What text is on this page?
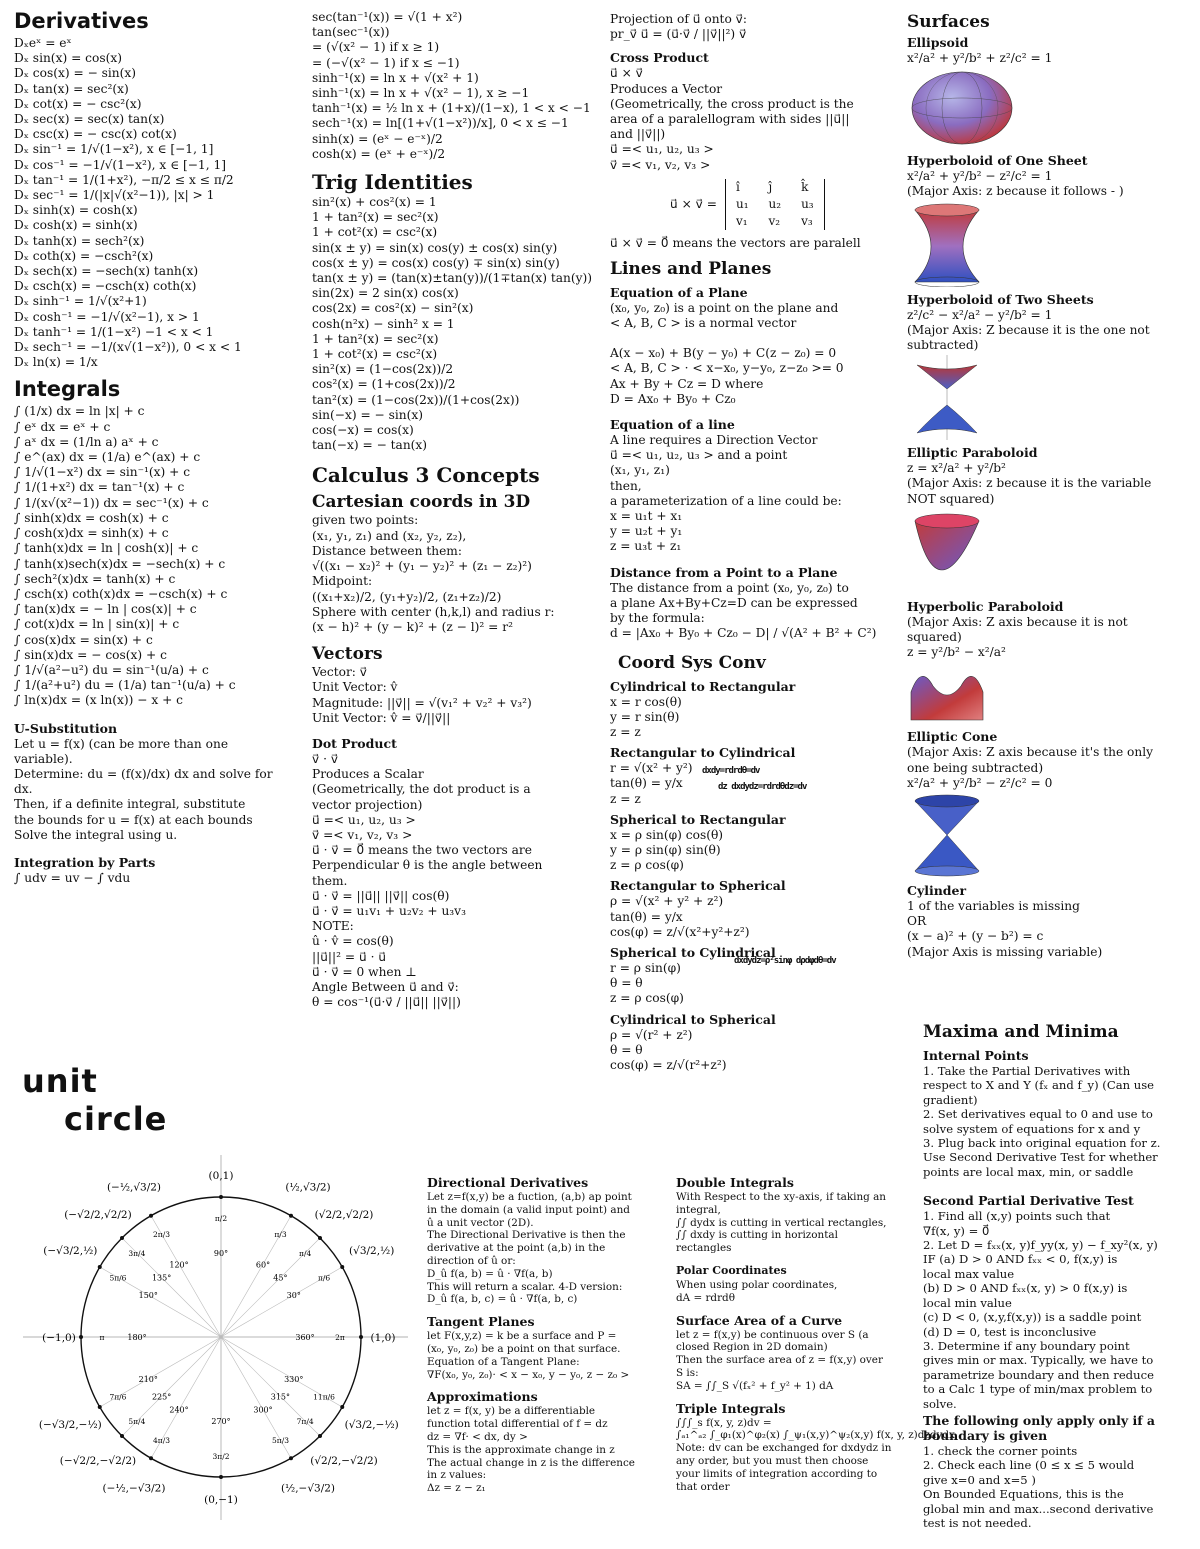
Derivatives
Dₓeˣ = eˣ
Dₓ sin(x) = cos(x)
Dₓ cos(x) = − sin(x)
Dₓ tan(x) = sec²(x)
Dₓ cot(x) = − csc²(x)
Dₓ sec(x) = sec(x) tan(x)
Dₓ csc(x) = − csc(x) cot(x)
Dₓ sin⁻¹ = 1/√(1−x²), x ∈ [−1, 1]
Dₓ cos⁻¹ = −1/√(1−x²), x ∈ [−1, 1]
Dₓ tan⁻¹ = 1/(1+x²), −π/2 ≤ x ≤ π/2
Dₓ sec⁻¹ = 1/(|x|√(x²−1)), |x| > 1
Dₓ sinh(x) = cosh(x)
Dₓ cosh(x) = sinh(x)
Dₓ tanh(x) = sech²(x)
Dₓ coth(x) = −csch²(x)
Dₓ sech(x) = −sech(x) tanh(x)
Dₓ csch(x) = −csch(x) coth(x)
Dₓ sinh⁻¹ = 1/√(x²+1)
Dₓ cosh⁻¹ = −1/√(x²−1), x > 1
Dₓ tanh⁻¹ = 1/(1−x²) −1 < x < 1
Dₓ sech⁻¹ = −1/(x√(1−x²)), 0 < x < 1
Dₓ ln(x) = 1/x
Integrals
∫ (1/x) dx = ln |x| + c
∫ eˣ dx = eˣ + c
∫ aˣ dx = (1/ln a) aˣ + c
∫ e^(ax) dx = (1/a) e^(ax) + c
∫ 1/√(1−x²) dx = sin⁻¹(x) + c
∫ 1/(1+x²) dx = tan⁻¹(x) + c
∫ 1/(x√(x²−1)) dx = sec⁻¹(x) + c
∫ sinh(x)dx = cosh(x) + c
∫ cosh(x)dx = sinh(x) + c
∫ tanh(x)dx = ln | cosh(x)| + c
∫ tanh(x)sech(x)dx = −sech(x) + c
∫ sech²(x)dx = tanh(x) + c
∫ csch(x) coth(x)dx = −csch(x) + c
∫ tan(x)dx = − ln | cos(x)| + c
∫ cot(x)dx = ln | sin(x)| + c
∫ cos(x)dx = sin(x) + c
∫ sin(x)dx = − cos(x) + c
∫ 1/√(a²−u²) du = sin⁻¹(u/a) + c
∫ 1/(a²+u²) du = (1/a) tan⁻¹(u/a) + c
∫ ln(x)dx = (x ln(x)) − x + c
U-Substitution
Let u = f(x) (can be more than one
variable).
Determine: du = (f(x)/dx) dx and solve for
dx.
Then, if a definite integral, substitute
the bounds for u = f(x) at each bounds
Solve the integral using u.
Integration by Parts
∫ udv = uv − ∫ vdu
unit
circle
sec(tan⁻¹(x)) = √(1 + x²)
tan(sec⁻¹(x))
= (√(x² − 1) if x ≥ 1)
= (−√(x² − 1) if x ≤ −1)
sinh⁻¹(x) = ln x + √(x² + 1)
sinh⁻¹(x) = ln x + √(x² − 1), x ≥ −1
tanh⁻¹(x) = ½ ln x + (1+x)/(1−x), 1 < x < −1
sech⁻¹(x) = ln[(1+√(1−x²))/x], 0 < x ≤ −1
sinh(x) = (eˣ − e⁻ˣ)/2
cosh(x) = (eˣ + e⁻ˣ)/2
Trig Identities
sin²(x) + cos²(x) = 1
1 + tan²(x) = sec²(x)
1 + cot²(x) = csc²(x)
sin(x ± y) = sin(x) cos(y) ± cos(x) sin(y)
cos(x ± y) = cos(x) cos(y) ∓ sin(x) sin(y)
tan(x ± y) = (tan(x)±tan(y))/(1∓tan(x) tan(y))
sin(2x) = 2 sin(x) cos(x)
cos(2x) = cos²(x) − sin²(x)
cosh(n²x) − sinh² x = 1
1 + tan²(x) = sec²(x)
1 + cot²(x) = csc²(x)
sin²(x) = (1−cos(2x))/2
cos²(x) = (1+cos(2x))/2
tan²(x) = (1−cos(2x))/(1+cos(2x))
sin(−x) = − sin(x)
cos(−x) = cos(x)
tan(−x) = − tan(x)
Calculus 3 Concepts
Cartesian coords in 3D
given two points:
(x₁, y₁, z₁) and (x₂, y₂, z₂),
Distance between them:
√((x₁ − x₂)² + (y₁ − y₂)² + (z₁ − z₂)²)
Midpoint:
((x₁+x₂)/2, (y₁+y₂)/2, (z₁+z₂)/2)
Sphere with center (h,k,l) and radius r:
(x − h)² + (y − k)² + (z − l)² = r²
Vectors
Vector: v⃗
Unit Vector: v̂
Magnitude: ||v⃗|| = √(v₁² + v₂² + v₃²)
Unit Vector: v̂ = v⃗/||v⃗||
Dot Product
v⃗ · v⃗
Produces a Scalar
(Geometrically, the dot product is a
vector projection)
u⃗ =< u₁, u₂, u₃ >
v⃗ =< v₁, v₂, v₃ >
u⃗ · v⃗ = 0⃗ means the two vectors are
Perpendicular θ is the angle between
them.
u⃗ · v⃗ = ||u⃗|| ||v⃗|| cos(θ)
u⃗ · v⃗ = u₁v₁ + u₂v₂ + u₃v₃
NOTE:
û · v̂ = cos(θ)
||u⃗||² = u⃗ · u⃗
u⃗ · v⃗ = 0 when ⊥
Angle Between u⃗ and v⃗:
θ = cos⁻¹(u⃗·v⃗ / ||u⃗|| ||v⃗||)
Projection of u⃗ onto v⃗:
pr_v⃗ u⃗ = (u⃗·v⃗ / ||v⃗||²) v⃗
Cross Product
u⃗ × v⃗
Produces a Vector
(Geometrically, the cross product is the
area of a paralellogram with sides ||u⃗||
and ||v⃗||)
u⃗ =< u₁, u₂, u₃ >
v⃗ =< v₁, v₂, v₃ >
u⃗ × v⃗ =
î	ĵ	k̂
u₁	u₂	u₃
v₁	v₂	v₃
u⃗ × v⃗ = 0⃗ means the vectors are paralell
Lines and Planes
Equation of a Plane
(x₀, y₀, z₀) is a point on the plane and
< A, B, C > is a normal vector

A(x − x₀) + B(y − y₀) + C(z − z₀) = 0
< A, B, C > · < x−x₀, y−y₀, z−z₀ >= 0
Ax + By + Cz = D where
D = Ax₀ + By₀ + Cz₀
Equation of a line
A line requires a Direction Vector
u⃗ =< u₁, u₂, u₃ > and a point
(x₁, y₁, z₁)
then,
a parameterization of a line could be:
x = u₁t + x₁
y = u₂t + y₁
z = u₃t + z₁
Distance from a Point to a Plane
The distance from a point (x₀, y₀, z₀) to
a plane Ax+By+Cz=D can be expressed
by the formula:
d = |Ax₀ + By₀ + Cz₀ − D| / √(A² + B² + C²)
Coord Sys Conv
Cylindrical to Rectangular
x = r cos(θ)
y = r sin(θ)
z = z
Rectangular to Cylindrical
r = √(x² + y²)
tan(θ) = y/x
z = z
Spherical to Rectangular
x = ρ sin(φ) cos(θ)
y = ρ sin(φ) sin(θ)
z = ρ cos(φ)
Rectangular to Spherical
ρ = √(x² + y² + z²)
tan(θ) = y/x
cos(φ) = z/√(x²+y²+z²)
Spherical to Cylindrical
r = ρ sin(φ)
θ = θ
z = ρ cos(φ)
Cylindrical to Spherical
ρ = √(r² + z²)
θ = θ
cos(φ) = z/√(r²+z²)
dxdy=rdrdθ=dv
dz dxdydz=rdrdθdz=dv
dxdydz=ρ²sinφ dρdφdθ=dv
Surfaces
Ellipsoid
x²/a² + y²/b² + z²/c² = 1
Hyperboloid of One Sheet
x²/a² + y²/b² − z²/c² = 1
(Major Axis: z because it follows - )
Hyperboloid of Two Sheets
z²/c² − x²/a² − y²/b² = 1
(Major Axis: Z because it is the one not
subtracted)
Elliptic Paraboloid
z = x²/a² + y²/b²
(Major Axis: z because it is the variable
NOT squared)
Hyperbolic Paraboloid
(Major Axis: Z axis because it is not
squared)
z = y²/b² − x²/a²
Elliptic Cone
(Major Axis: Z axis because it's the only
one being subtracted)
x²/a² + y²/b² − z²/c² = 0
Cylinder
1 of the variables is missing
OR
(x − a)² + (y − b²) = c
(Major Axis is missing variable)
Maxima and Minima
Internal Points
1. Take the Partial Derivatives with
respect to X and Y (fₓ and f_y) (Can use
gradient)
2. Set derivatives equal to 0 and use to
solve system of equations for x and y
3. Plug back into original equation for z.
Use Second Derivative Test for whether
points are local max, min, or saddle
Second Partial Derivative Test
1. Find all (x,y) points such that
∇f(x, y) = 0⃗
2. Let D = fₓₓ(x, y)f_yy(x, y) − f_xy²(x, y)
IF (a) D > 0 AND fₓₓ < 0, f(x,y) is
local max value
(b) D > 0 AND fₓₓ(x, y) > 0 f(x,y) is
local min value
(c) D < 0, (x,y,f(x,y)) is a saddle point
(d) D = 0, test is inconclusive
3. Determine if any boundary point
gives min or max. Typically, we have to
parametrize boundary and then reduce
to a Calc 1 type of min/max problem to
solve.
The following only apply only if a boundary is given
1. check the corner points
2. Check each line (0 ≤ x ≤ 5 would
give x=0 and x=5 )
On Bounded Equations, this is the
global min and max...second derivative
test is not needed.
Directional Derivatives
Let z=f(x,y) be a fuction, (a,b) ap point
in the domain (a valid input point) and
û a unit vector (2D).
The Directional Derivative is then the
derivative at the point (a,b) in the
direction of û or:
D_û f(a, b) = û · ∇f(a, b)
This will return a scalar. 4-D version:
D_û f(a, b, c) = û · ∇f(a, b, c)
Tangent Planes
let F(x,y,z) = k be a surface and P =
(x₀, y₀, z₀) be a point on that surface.
Equation of a Tangent Plane:
∇F(x₀, y₀, z₀)· < x − x₀, y − y₀, z − z₀ >
Approximations
let z = f(x, y) be a differentiable
function total differential of f = dz
dz = ∇f· < dx, dy >
This is the approximate change in z
The actual change in z is the difference
in z values:
Δz = z − z₁
Double Integrals
With Respect to the xy-axis, if taking an
integral,
∫∫ dydx is cutting in vertical rectangles,
∫∫ dxdy is cutting in horizontal
rectangles
Polar Coordinates
When using polar coordinates,
dA = rdrdθ
Surface Area of a Curve
let z = f(x,y) be continuous over S (a
closed Region in 2D domain)
Then the surface area of z = f(x,y) over
S is:
SA = ∫∫_S √(fₓ² + f_y² + 1) dA
Triple Integrals
∫∫∫_s f(x, y, z)dv =
∫ₐ₁^ₐ₂ ∫_φ₁(x)^φ₂(x) ∫_ψ₁(x,y)^ψ₂(x,y) f(x, y, z)dzdydx
Note: dv can be exchanged for dxdydz in
any order, but you must then choose
your limits of integration according to
that order
(0,1)
90°
π/2
(½,√3/2)
60°
π/3
(√2/2,√2/2)
45°
π/4	(√3/2,½)
30°
π/6
(1,0)
360°	2π
(√3/2,−½)
330°
11π/6
(√2/2,−√2/2)
315°
7π/4
(½,−√3/2)
300°
5π/3
(0,−1)
270°
3π/2
(−½,−√3/2)
240°
4π/3
(−√2/2,−√2/2)
225°
5π/4
(−√3/2,−½)
210°
7π/6
(−1,0)	180°
π
(−√3/2,½)
150°
5π/6
(−√2/2,√2/2)
135°
3π/4
(−½,√3/2)
120°
2π/3
